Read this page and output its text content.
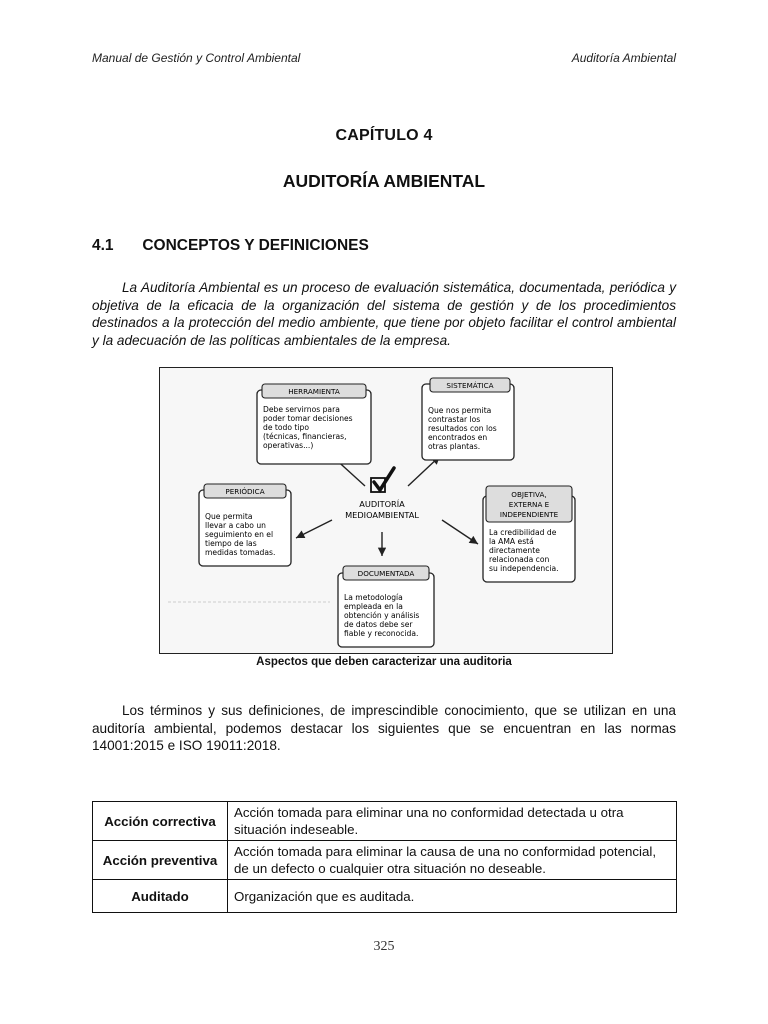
Manual de Gestión y Control Ambiental	Auditoría Ambiental
CAPÍTULO 4
AUDITORÍA AMBIENTAL
4.1 CONCEPTOS Y DEFINICIONES
La Auditoría Ambiental es un proceso de evaluación sistemática, documentada, periódica y objetiva de la eficacia de la organización del sistema de gestión y de los procedimientos destinados a la protección del medio ambiente, que tiene por objeto facilitar el control ambiental y la adecuación de las políticas ambientales de la empresa.
AUDITORÍA
MEDIOAMBIENTAL
HERRAMIENTA
Debe servirnos para
poder tomar decisiones
de todo tipo
(técnicas, financieras,
operativas...)
SISTEMÁTICA
Que nos permita
contrastar los
resultados con los
encontrados en
otras plantas.
PERIÓDICA
Que permita
llevar a cabo un
seguimiento en el
tiempo de las
medidas tomadas.
OBJETIVA,
EXTERNA E
INDEPENDIENTE
La credibilidad de
la AMA está
directamente
relacionada con
su independencia.
DOCUMENTADA
La metodología
empleada en la
obtención y análisis
de datos debe ser
fiable y reconocida.
Aspectos que deben caracterizar una auditoria
Los términos y sus definiciones, de imprescindible conocimiento, que se utilizan en una auditoría ambiental, podemos destacar los siguientes que se encuentran en las normas 14001:2015 e ISO 19011:2018.
Acción correctiva	Acción tomada para eliminar una no conformidad detectada u otra situación indeseable.
Acción preventiva	Acción tomada para eliminar la causa de una no conformidad potencial, de un defecto o cualquier otra situación no deseable.
Auditado	Organización que es auditada.
325
